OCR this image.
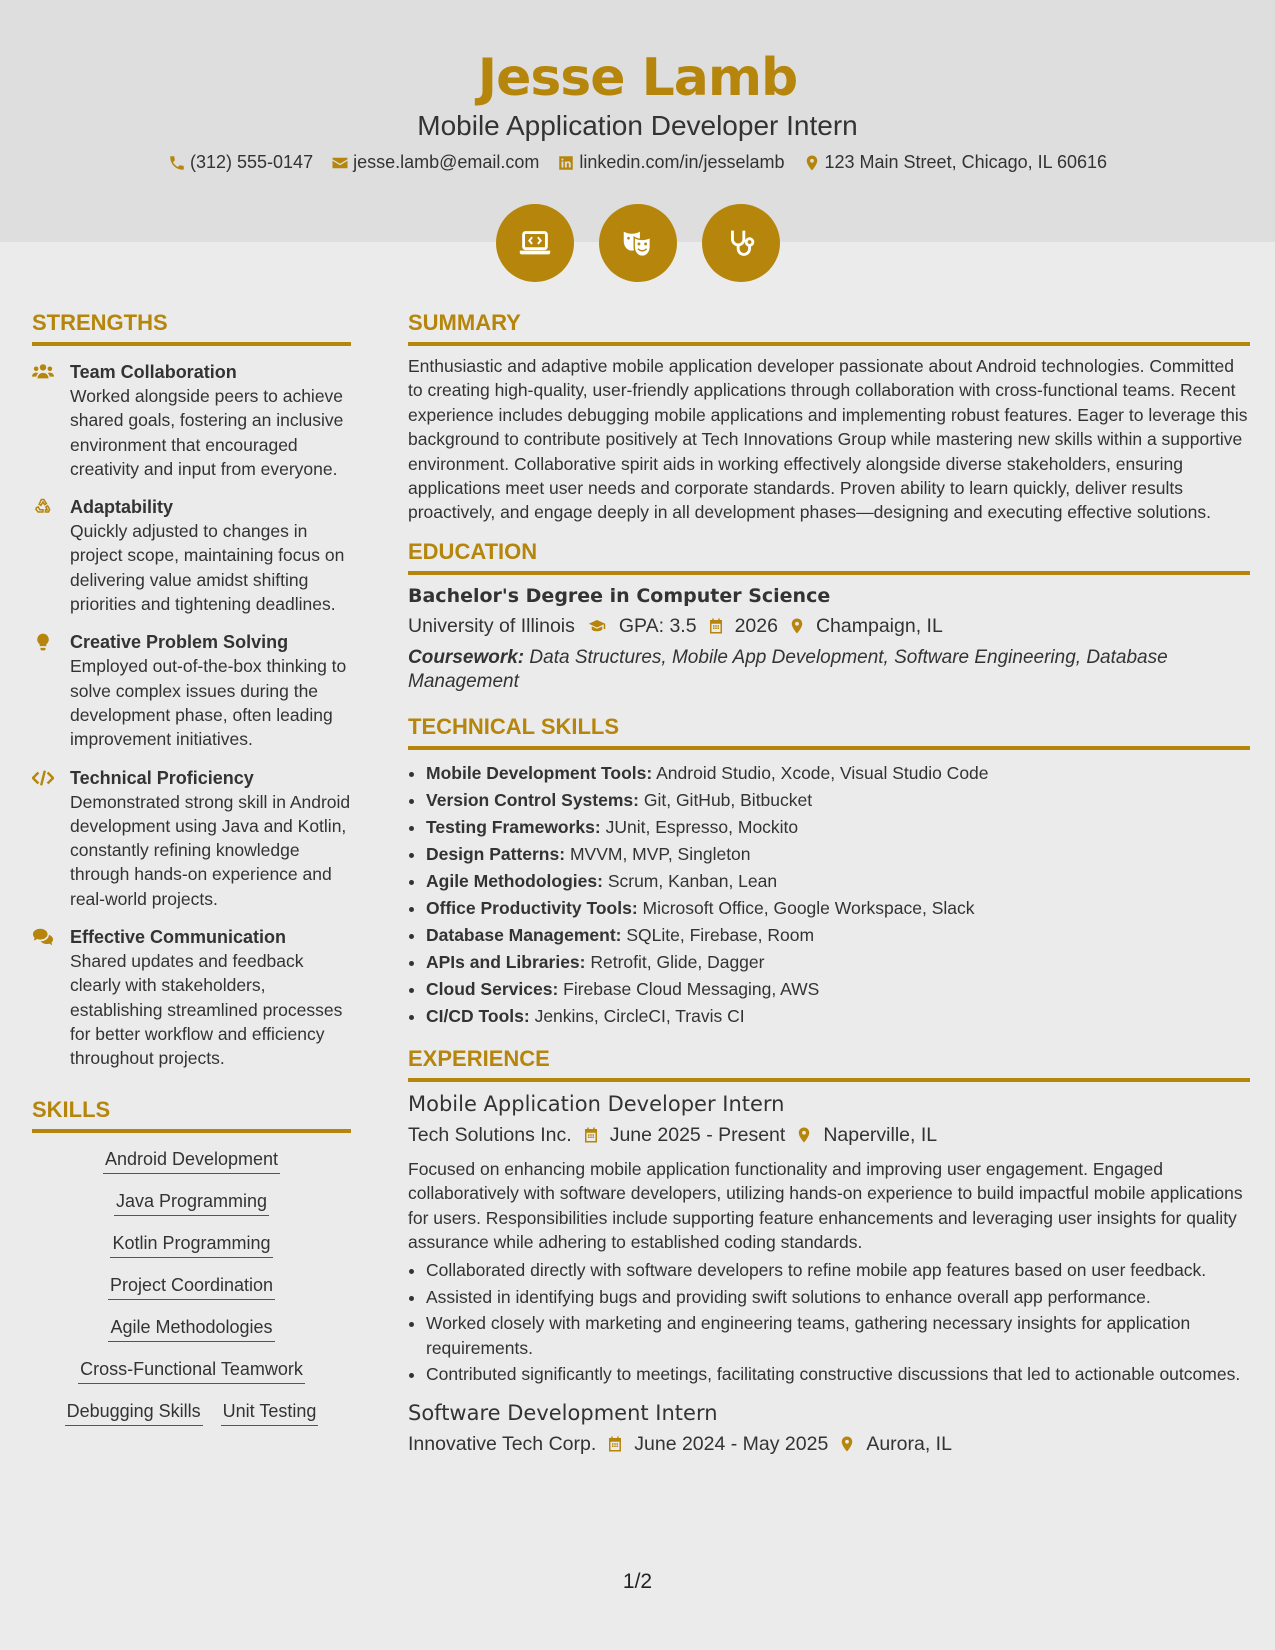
Jesse Lamb
Mobile Application Developer Intern
(312) 555-0147 jesse.lamb@email.com linkedin.com/in/jesselamb 123 Main Street, Chicago, IL 60616
STRENGTHS
Team Collaboration
Worked alongside peers to achieve shared goals, fostering an inclusive environment that encouraged creativity and input from everyone.
Adaptability
Quickly adjusted to changes in project scope, maintaining focus on delivering value amidst shifting priorities and tightening deadlines.
Creative Problem Solving
Employed out-of-the-box thinking to solve complex issues during the development phase, often leading improvement initiatives.
Technical Proficiency
Demonstrated strong skill in Android development using Java and Kotlin, constantly refining knowledge through hands-on experience and real-world projects.
Effective Communication
Shared updates and feedback clearly with stakeholders, establishing streamlined processes for better workflow and efficiency throughout projects.
SKILLS
Android Development
Java Programming
Kotlin Programming
Project Coordination
Agile Methodologies
Cross-Functional Teamwork
Debugging Skills Unit Testing
SUMMARY
Enthusiastic and adaptive mobile application developer passionate about Android technologies. Committed to creating high-quality, user-friendly applications through collaboration with cross-functional teams. Recent experience includes debugging mobile applications and implementing robust features. Eager to leverage this background to contribute positively at Tech Innovations Group while mastering new skills within a supportive environment. Collaborative spirit aids in working effectively alongside diverse stakeholders, ensuring applications meet user needs and corporate standards. Proven ability to learn quickly, deliver results proactively, and engage deeply in all development phases—designing and executing effective solutions.
EDUCATION
Bachelor's Degree in Computer Science
University of Illinois GPA: 3.5 2026 Champaign, IL
Coursework: Data Structures, Mobile App Development, Software Engineering, Database Management
TECHNICAL SKILLS
• Mobile Development Tools: Android Studio, Xcode, Visual Studio Code
• Version Control Systems: Git, GitHub, Bitbucket
• Testing Frameworks: JUnit, Espresso, Mockito
• Design Patterns: MVVM, MVP, Singleton
• Agile Methodologies: Scrum, Kanban, Lean
• Office Productivity Tools: Microsoft Office, Google Workspace, Slack
• Database Management: SQLite, Firebase, Room
• APIs and Libraries: Retrofit, Glide, Dagger
• Cloud Services: Firebase Cloud Messaging, AWS
• CI/CD Tools: Jenkins, CircleCI, Travis CI
EXPERIENCE
Mobile Application Developer Intern
Tech Solutions Inc. June 2025 - Present Naperville, IL
Focused on enhancing mobile application functionality and improving user engagement. Engaged collaboratively with software developers, utilizing hands-on experience to build impactful mobile applications for users. Responsibilities include supporting feature enhancements and leveraging user insights for quality assurance while adhering to established coding standards.
• Collaborated directly with software developers to refine mobile app features based on user feedback.
• Assisted in identifying bugs and providing swift solutions to enhance overall app performance.
• Worked closely with marketing and engineering teams, gathering necessary insights for application requirements.
• Contributed significantly to meetings, facilitating constructive discussions that led to actionable outcomes.
Software Development Intern
Innovative Tech Corp. June 2024 - May 2025 Aurora, IL
1/2
